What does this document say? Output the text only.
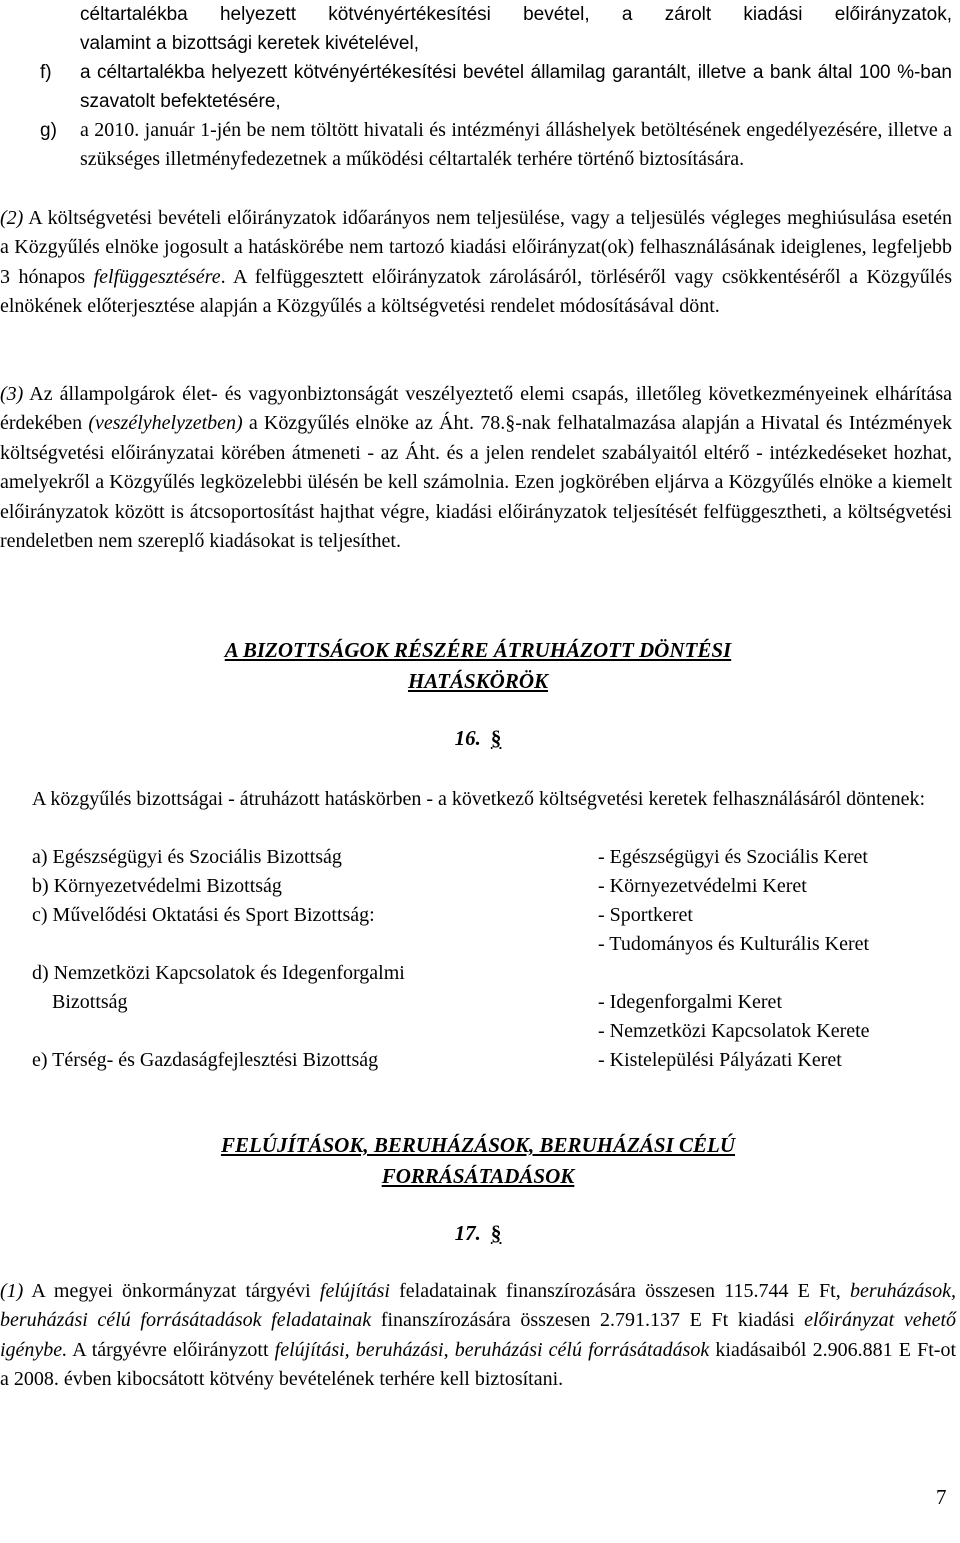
céltartalékba helyezett kötvényértékesítési bevétel, a zárolt kiadási előirányzatok,

valamint a bizottsági keretek kivételével,

f)	a céltartalékba helyezett kötvényértékesítési bevétel államilag garantált, illetve a bank által 100 %-ban szavatolt befektetésére,

g)	a 2010. január 1-jén be nem töltött hivatali és intézményi álláshelyek betöltésének engedélyezésére, illetve a szükséges illetményfedezetnek a működési céltartalék terhére történő biztosítására.

(2) A költségvetési bevételi előirányzatok időarányos nem teljesülése, vagy a teljesülés végleges meghiúsulása esetén a Közgyűlés elnöke jogosult a hatáskörébe nem tartozó kiadási előirányzat(ok) felhasználásának ideiglenes, legfeljebb 3 hónapos felfüggesztésére. A felfüggesztett előirányzatok zárolásáról, törléséről vagy csökkentéséről a Közgyűlés elnökének előterjesztése alapján a Közgyűlés a költségvetési rendelet módosításával dönt.

(3) Az állampolgárok élet- és vagyonbiztonságát veszélyeztető elemi csapás, illetőleg következményeinek elhárítása érdekében (veszélyhelyzetben) a Közgyűlés elnöke az Áht. 78.§-nak felhatalmazása alapján a Hivatal és Intézmények költségvetési előirányzatai körében átmeneti - az Áht. és a jelen rendelet szabályaitól eltérő - intézkedéseket hozhat, amelyekről a Közgyűlés legközelebbi ülésén be kell számolnia. Ezen jogkörében eljárva a Közgyűlés elnöke a kiemelt előirányzatok között is átcsoportosítást hajthat végre, kiadási előirányzatok teljesítését felfüggesztheti, a költségvetési rendeletben nem szereplő kiadásokat is teljesíthet.

A BIZOTTSÁGOK RÉSZÉRE ÁTRUHÁZOTT DÖNTÉSI
HATÁSKÖRÖK
16. §

A közgyűlés bizottságai - átruházott hatáskörben - a következő költségvetési keretek felhasználásáról döntenek:

a) Egészségügyi és Szociális Bizottság	- Egészségügyi és Szociális Keret
b) Környezetvédelmi Bizottság	- Környezetvédelmi Keret
c) Művelődési Oktatási és Sport Bizottság:	- Sportkeret
- Tudományos és Kulturális Keret
d) Nemzetközi Kapcsolatok és Idegenforgalmi
Bizottság	- Idegenforgalmi Keret
- Nemzetközi Kapcsolatok Kerete
e) Térség- és Gazdaságfejlesztési Bizottság	- Kistelepülési Pályázati Keret
FELÚJÍTÁSOK, BERUHÁZÁSOK, BERUHÁZÁSI CÉLÚ
FORRÁSÁTADÁSOK
17. §

(1) A megyei önkormányzat tárgyévi felújítási feladatainak finanszírozására összesen 115.744 E Ft, beruházások, beruházási célú forrásátadások feladatainak finanszírozására összesen 2.791.137 E Ft kiadási előirányzat vehető igénybe. A tárgyévre előirányzott felújítási, beruházási, beruházási célú forrásátadások kiadásaiból 2.906.881 E Ft-ot a 2008. évben kibocsátott kötvény bevételének terhére kell biztosítani.

7
